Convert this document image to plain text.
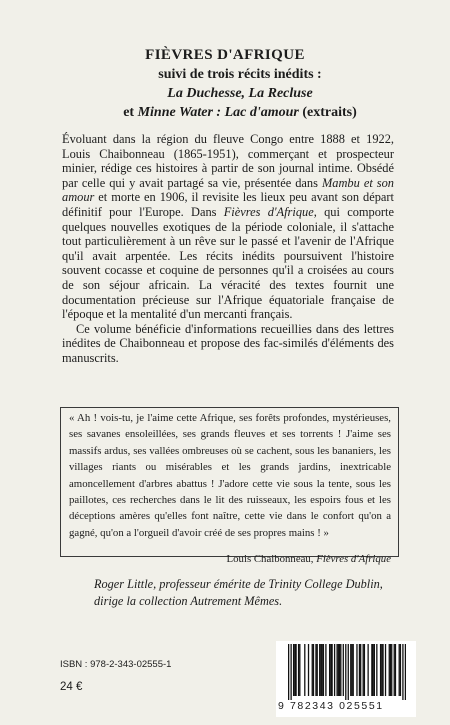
FIÈVRES D'AFRIQUE
suivi de trois récits inédits :
La Duchesse, La Recluse
et Minne Water : Lac d'amour (extraits)

Évoluant dans la région du fleuve Congo entre 1888 et 1922, Louis Chaibonneau (1865-1951), commerçant et prospecteur minier, rédige ces histoires à partir de son journal intime. Obsédé par celle qui y avait partagé sa vie, présentée dans Mambu et son amour et morte en 1906, il revisite les lieux peu avant son départ définitif pour l'Europe. Dans Fièvres d'Afrique, qui comporte quelques nouvelles exotiques de la période coloniale, il s'attache tout particulièrement à un rêve sur le passé et l'avenir de l'Afrique qu'il avait arpentée. Les récits inédits poursuivent l'histoire souvent cocasse et coquine de personnes qu'il a croisées au cours de son séjour africain. La véracité des textes fournit une documentation précieuse sur l'Afrique équatoriale française de l'époque et la mentalité d'un mercanti français.

Ce volume bénéficie d'informations recueillies dans des lettres inédites de Chaibonneau et propose des fac-similés d'éléments des manuscrits.

« Ah ! vois-tu, je l'aime cette Afrique, ses forêts profondes, mystérieuses, ses savanes ensoleillées, ses grands fleuves et ses torrents ! J'aime ses massifs ardus, ses vallées ombreuses où se cachent, sous les bananiers, les villages riants ou misérables et les grands jardins, inextricable amoncellement d'arbres abattus ! J'adore cette vie sous la tente, sous les paillotes, ces recherches dans le lit des ruisseaux, les espoirs fous et les déceptions amères qu'elles font naître, cette vie dans le confort qu'on a gagné, qu'on a l'orgueil d'avoir créé de ses propres mains ! »

Louis Chaibonneau, Fièvres d'Afrique
Roger Little, professeur émérite de Trinity College Dublin,
dirige la collection Autrement Mêmes.
ISBN : 978-2-343-02555-1
24 €
9 782343 025551
